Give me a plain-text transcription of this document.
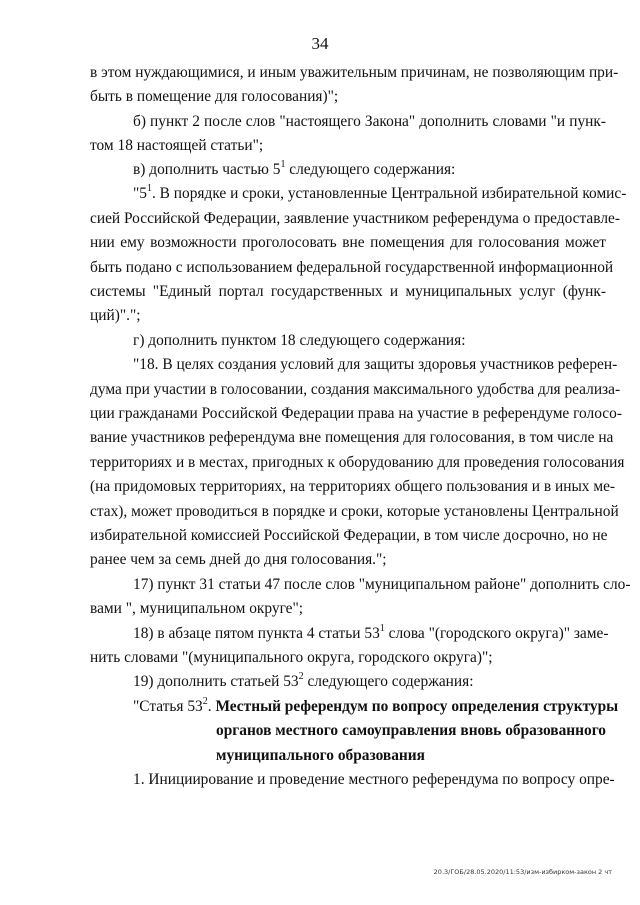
34
в этом нуждающимися, и иным уважительным причинам, не позволяющим при-
быть в помещение для голосования)";
б) пункт 2 после слов "настоящего Закона" дополнить словами "и пунк-
том 18 настоящей статьи";
в) дополнить частью $5^1$ следующего содержания:
"$5^1$. В порядке и сроки, установленные Центральной избирательной комис-
сией Российской Федерации, заявление участником референдума о предоставле-
нии ему возможности проголосовать вне помещения для голосования может
быть подано с использованием федеральной государственной информационной
системы "Единый портал государственных и муниципальных услуг (функ-
ций)".";
г) дополнить пунктом 18 следующего содержания:
"18. В целях создания условий для защиты здоровья участников референ-
дума при участии в голосовании, создания максимального удобства для реализа-
ции гражданами Российской Федерации права на участие в референдуме голосо-
вание участников референдума вне помещения для голосования, в том числе на
территориях и в местах, пригодных к оборудованию для проведения голосования
(на придомовых территориях, на территориях общего пользования и в иных ме-
стах), может проводиться в порядке и сроки, которые установлены Центральной
избирательной комиссией Российской Федерации, в том числе досрочно, но не
ранее чем за семь дней до дня голосования.";
17) пункт 31 статьи 47 после слов "муниципальном районе" дополнить сло-
вами ", муниципальном округе";
18) в абзаце пятом пункта 4 статьи $53^1$ слова "(городского округа)" заме-
нить словами "(муниципального округа, городского округа)";
19) дополнить статьей $53^2$ следующего содержания:
"Статья $53^2$. Местный референдум по вопросу определения структуры
органов местного самоуправления вновь образованного
муниципального образования
1. Инициирование и проведение местного референдума по вопросу опре-
20.3/ГОБ/28.05.2020/11:53/изм-избирком-закон 2 чт
